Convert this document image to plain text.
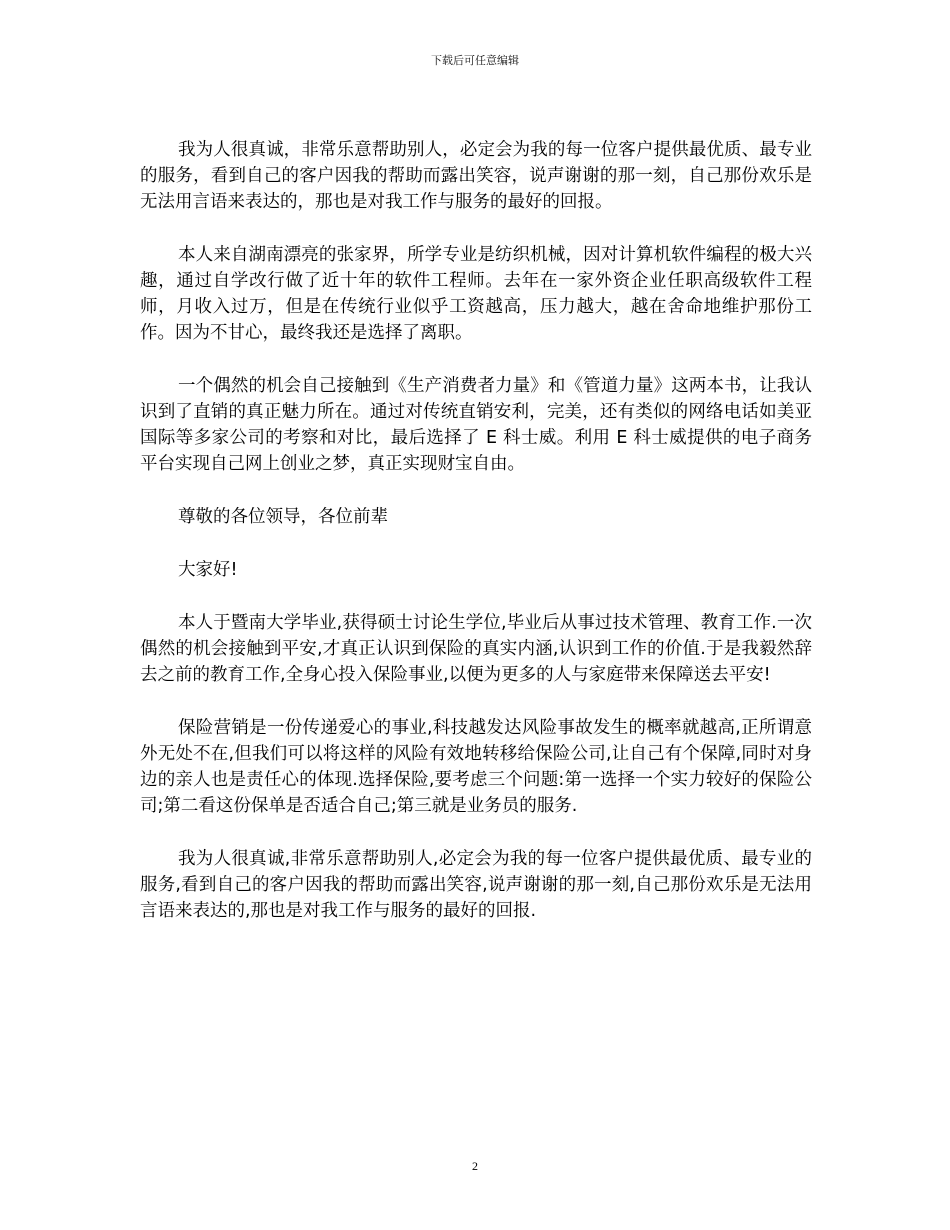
下载后可任意编辑

我为人很真诚，非常乐意帮助别人，必定会为我的每一位客户提供最优质、最专业的服务，看到自己的客户因我的帮助而露出笑容，说声谢谢的那一刻，自己那份欢乐是无法用言语来表达的，那也是对我工作与服务的最好的回报。

本人来自湖南漂亮的张家界，所学专业是纺织机械，因对计算机软件编程的极大兴趣，通过自学改行做了近十年的软件工程师。去年在一家外资企业任职高级软件工程师，月收入过万，但是在传统行业似乎工资越高，压力越大，越在舍命地维护那份工作。因为不甘心，最终我还是选择了离职。

一个偶然的机会自己接触到《生产消费者力量》和《管道力量》这两本书，让我认识到了直销的真正魅力所在。通过对传统直销安利，完美，还有类似的网络电话如美亚国际等多家公司的考察和对比，最后选择了 E 科士威。利用 E 科士威提供的电子商务平台实现自己网上创业之梦，真正实现财宝自由。

尊敬的各位领导，各位前辈

大家好!

本人于暨南大学毕业,获得硕士讨论生学位,毕业后从事过技术管理、教育工作.一次偶然的机会接触到平安,才真正认识到保险的真实内涵,认识到工作的价值.于是我毅然辞去之前的教育工作,全身心投入保险事业,以便为更多的人与家庭带来保障送去平安!

保险营销是一份传递爱心的事业,科技越发达风险事故发生的概率就越高,正所谓意外无处不在,但我们可以将这样的风险有效地转移给保险公司,让自己有个保障,同时对身边的亲人也是责任心的体现.选择保险,要考虑三个问题:第一选择一个实力较好的保险公司;第二看这份保单是否适合自己;第三就是业务员的服务.

我为人很真诚,非常乐意帮助别人,必定会为我的每一位客户提供最优质、最专业的服务,看到自己的客户因我的帮助而露出笑容,说声谢谢的那一刻,自己那份欢乐是无法用言语来表达的,那也是对我工作与服务的最好的回报.

2
